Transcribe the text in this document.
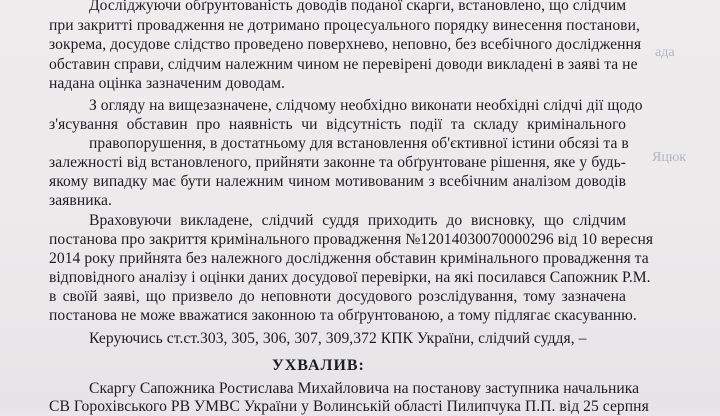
ада
Яцюк
Досліджуючи обґрунтованість доводів поданої скарги, встановлено, що слідчим
при закритті провадження не дотримано процесуального порядку винесення постанови,
зокрема, досудове слідство проведено поверхнево, неповно, без всебічного дослідження
обставин справи, слідчим належним чином не перевірені доводи викладені в заяві та не
надана оцінка зазначеним доводам.
З огляду на вищезазначене, слідчому необхідно виконати необхідні слідчі дії щодо
з'ясування обставин про наявність чи відсутність події та складу кримінального
правопорушення, в достатньому для встановлення об'єктивної істини обсязі та в
залежності від встановленого, прийняти законне та обґрунтоване рішення, яке у будь-
якому випадку має бути належним чином мотивованим з всебічним аналізом доводів
заявника.
Враховуючи викладене, слідчий суддя приходить до висновку, що слідчим
постанова про закриття кримінального провадження №12014030070000296 від 10 вересня
2014 року прийнята без належного дослідження обставин кримінального провадження та
відповідного аналізу і оцінки даних досудової перевірки, на які посилався Сапожник Р.М.
в своїй заяві, що призвело до неповноти досудового розслідування, тому зазначена
постанова не може вважатися законною та обґрунтованою, а тому підлягає скасуванню.
Керуючись ст.ст.303, 305, 306, 307, 309,372 КПК України, слідчий суддя, –
УХВАЛИВ:
Скаргу Сапожника Ростислава Михайловича на постанову заступника начальника
СВ Горохівського РВ УМВС України у Волинській області Пилипчука П.П. від 25 серпня
